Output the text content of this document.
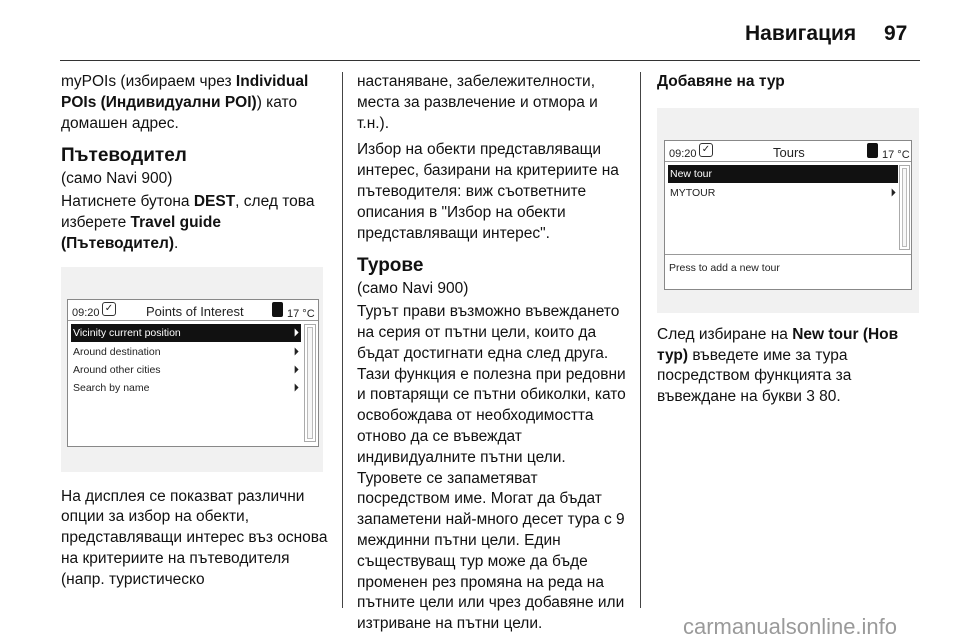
Навигация 97

myPOIs (избираем чрез Individual POIs (Индивидуални POI)) като домашен адрес.

Пътеводител

(само Navi 900)

Натиснете бутона DEST, след това изберете Travel guide (Пътеводител).

09:20 ✓	Points of Interest	17 °C
Vicinity current position	⏵
Around destination	⏵
Around other cities	⏵
Search by name	⏵

На дисплея се показват различни опции за избор на обекти, представляващи интерес въз основа на критериите на пътеводителя (напр. туристическо

настаняване, забележителности, места за развлечение и отмора и т.н.).

Избор на обекти представляващи интерес, базирани на критериите на пътеводителя: виж съответните описания в "Избор на обекти представляващи интерес".

Турове

(само Navi 900)

Турът прави възможно въвеждането на серия от пътни цели, които да бъдат достигнати една след друга. Тази функция е полезна при редовни и повтарящи се пътни обиколки, като освобождава от необходимостта отново да се въвеждат индивидуалните пътни цели. Туровете се запаметяват посредством име. Могат да бъдат запаметени най-много десет тура с 9 междинни пътни цели. Един съществуващ тур може да бъде променен рез промяна на реда на пътните цели или чрез добавяне или изтриване на пътни цели.

Добавяне на тур
09:20 ✓	Tours	17 °C
New tour
MYTOUR	⏵
Press to add a new tour

След избиране на New tour (Нов тур) въведете име за тура посредством функцията за въвеждане на букви 3 80.

carmanualsonline.info
